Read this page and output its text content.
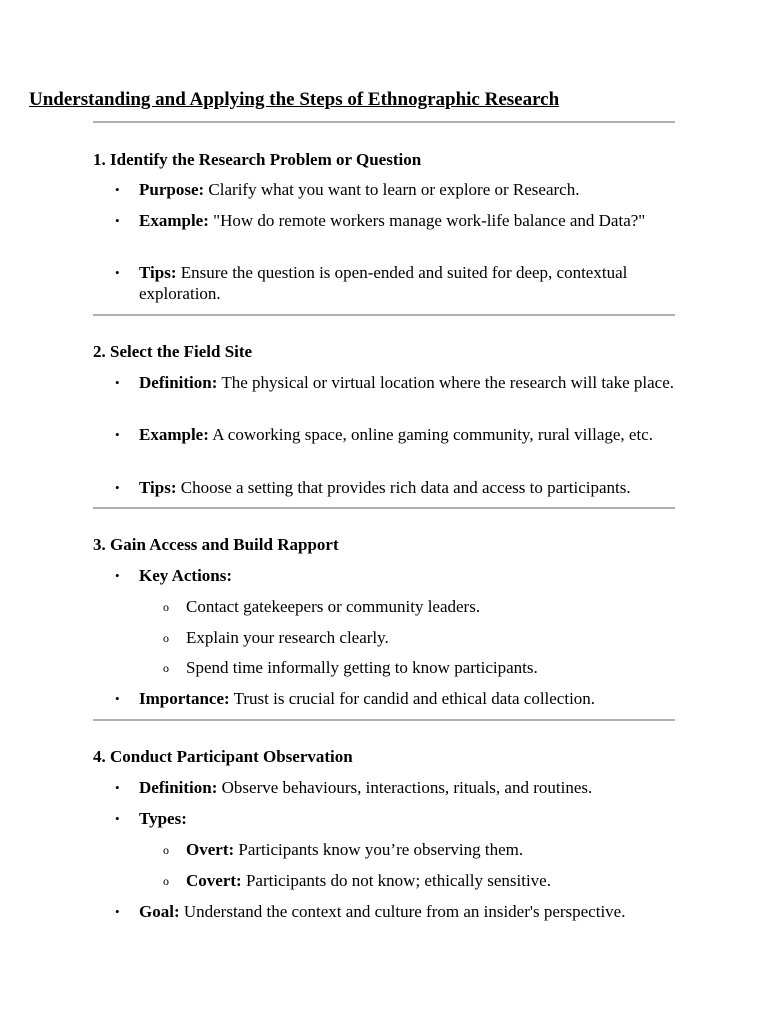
Understanding and Applying the Steps of Ethnographic Research
1. Identify the Research Problem or Question
• Purpose: Clarify what you want to learn or explore or Research.
• Example: "How do remote workers manage work-life balance and Data?"
• Tips: Ensure the question is open-ended and suited for deep, contextual exploration.
2. Select the Field Site
• Definition: The physical or virtual location where the research will take place.
• Example: A coworking space, online gaming community, rural village, etc.
• Tips: Choose a setting that provides rich data and access to participants.
3. Gain Access and Build Rapport
• Key Actions:
o Contact gatekeepers or community leaders.
o Explain your research clearly.
o Spend time informally getting to know participants.
• Importance: Trust is crucial for candid and ethical data collection.
4. Conduct Participant Observation
• Definition: Observe behaviours, interactions, rituals, and routines.
• Types:
o Overt: Participants know you’re observing them.
o Covert: Participants do not know; ethically sensitive.
• Goal: Understand the context and culture from an insider's perspective.
